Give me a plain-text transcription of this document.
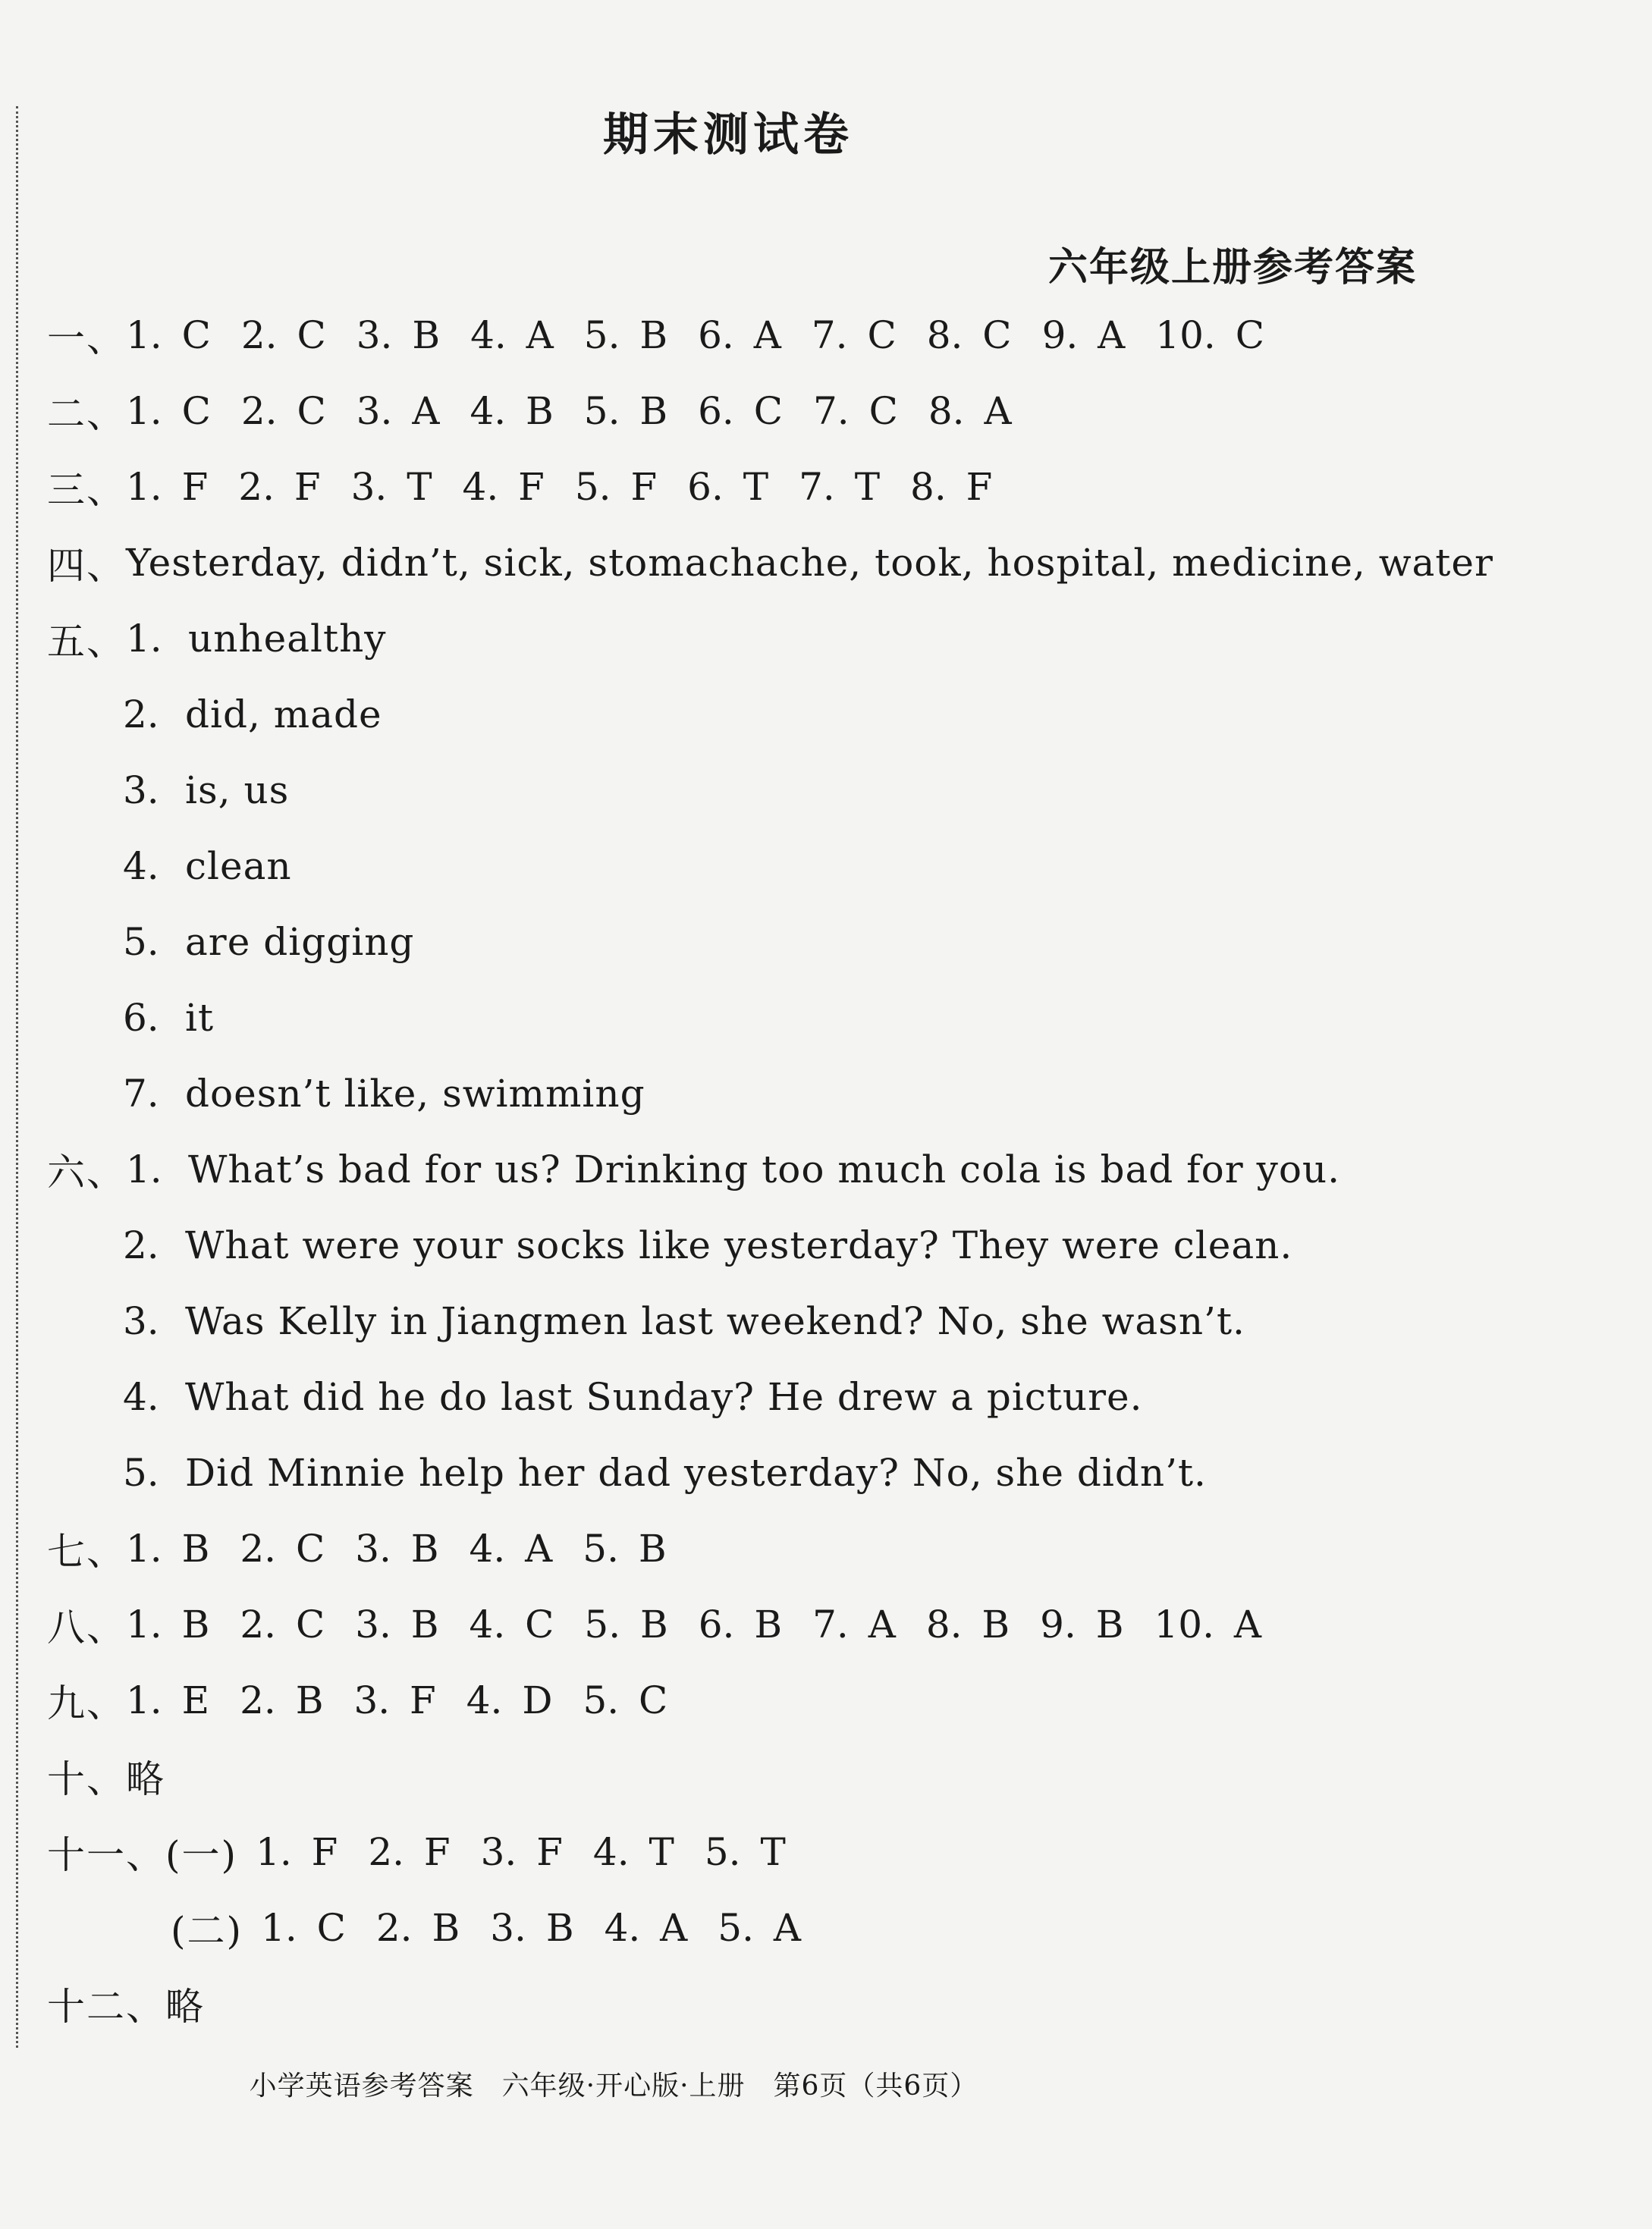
期末测试卷
六年级上册参考答案
一、 1. C 2. C 3. B 4. A 5. B 6. A 7. C 8. C 9. A 10. C
二、 1. C 2. C 3. A 4. B 5. B 6. C 7. C 8. A
三、 1. F 2. F 3. T 4. F 5. F 6. T 7. T 8. F
四、 Yesterday, didn’t, sick, stomachache, took, hospital, medicine, water
五、 1. unhealthy
2. did, made
3. is, us
4. clean
5. are digging
6. it
7. doesn’t like, swimming
六、 1. What’s bad for us? Drinking too much cola is bad for you.
2. What were your socks like yesterday? They were clean.
3. Was Kelly in Jiangmen last weekend? No, she wasn’t.
4. What did he do last Sunday? He drew a picture.
5. Did Minnie help her dad yesterday? No, she didn’t.
七、 1. B 2. C 3. B 4. A 5. B
八、 1. B 2. C 3. B 4. C 5. B 6. B 7. A 8. B 9. B 10. A
九、 1. E 2. B 3. F 4. D 5. C
十、 略
十一、 (一) 1. F 2. F 3. F 4. T 5. T
(二) 1. C 2. B 3. B 4. A 5. A
十二、 略
小学英语参考答案　六年级·开心版·上册　第6页（共6页）
